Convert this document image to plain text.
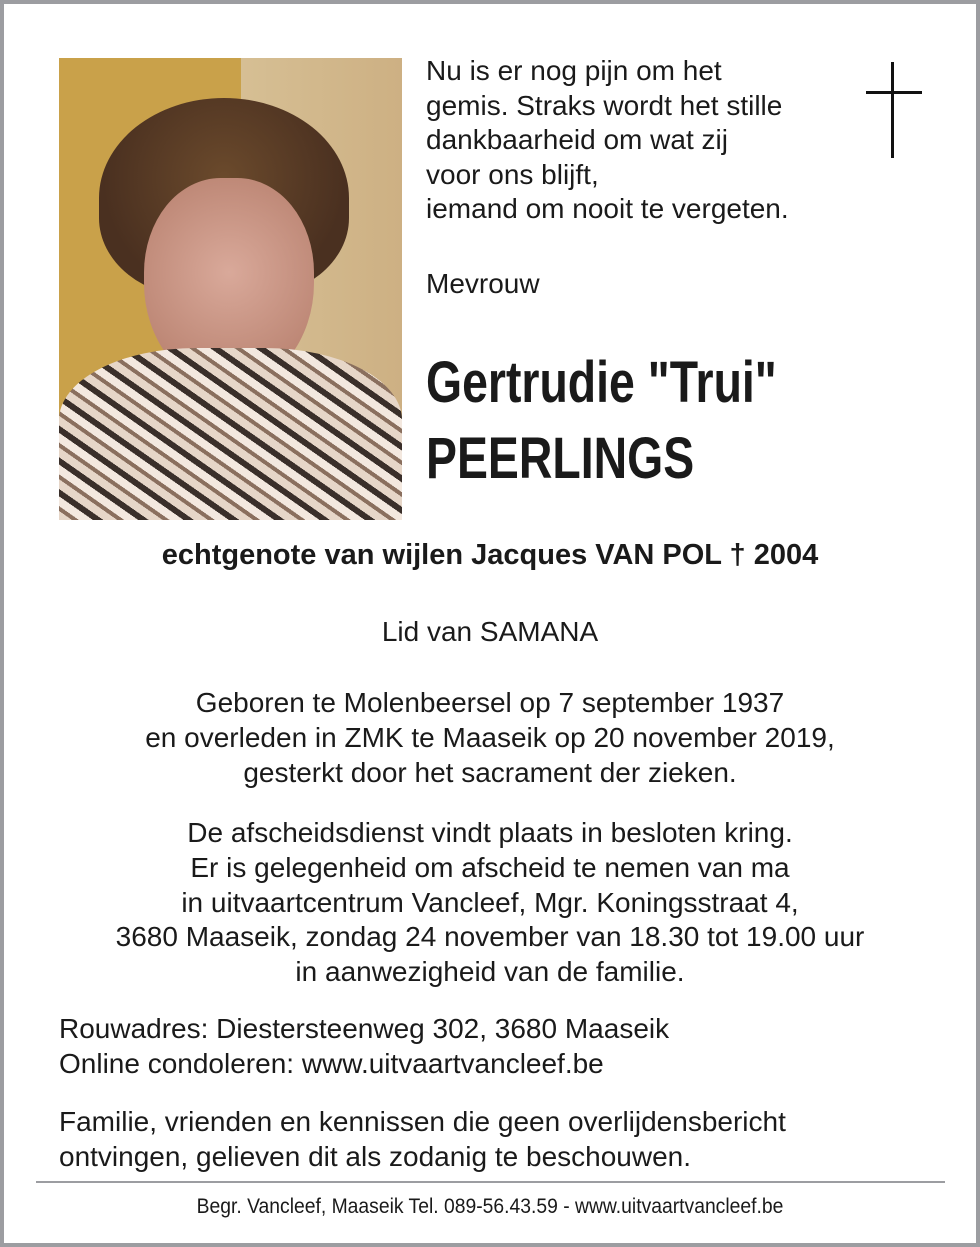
Nu is er nog pijn om het
gemis. Straks wordt het stille
dankbaarheid om wat zij
voor ons blijft,
iemand om nooit te vergeten.
Mevrouw
Gertrudie "Trui"
PEERLINGS
echtgenote van wijlen Jacques VAN POL † 2004
Lid van SAMANA
Geboren te Molenbeersel op 7 september 1937
en overleden in ZMK te Maaseik op 20 november 2019,
gesterkt door het sacrament der zieken.
De afscheidsdienst vindt plaats in besloten kring.
Er is gelegenheid om afscheid te nemen van ma
in uitvaartcentrum Vancleef, Mgr. Koningsstraat 4,
3680 Maaseik, zondag 24 november van 18.30 tot 19.00 uur
in aanwezigheid van de familie.
Rouwadres: Diestersteenweg 302, 3680 Maaseik
Online condoleren: www.uitvaartvancleef.be
Familie, vrienden en kennissen die geen overlijdensbericht
ontvingen, gelieven dit als zodanig te beschouwen.
Begr. Vancleef, Maaseik Tel. 089-56.43.59 - www.uitvaartvancleef.be
